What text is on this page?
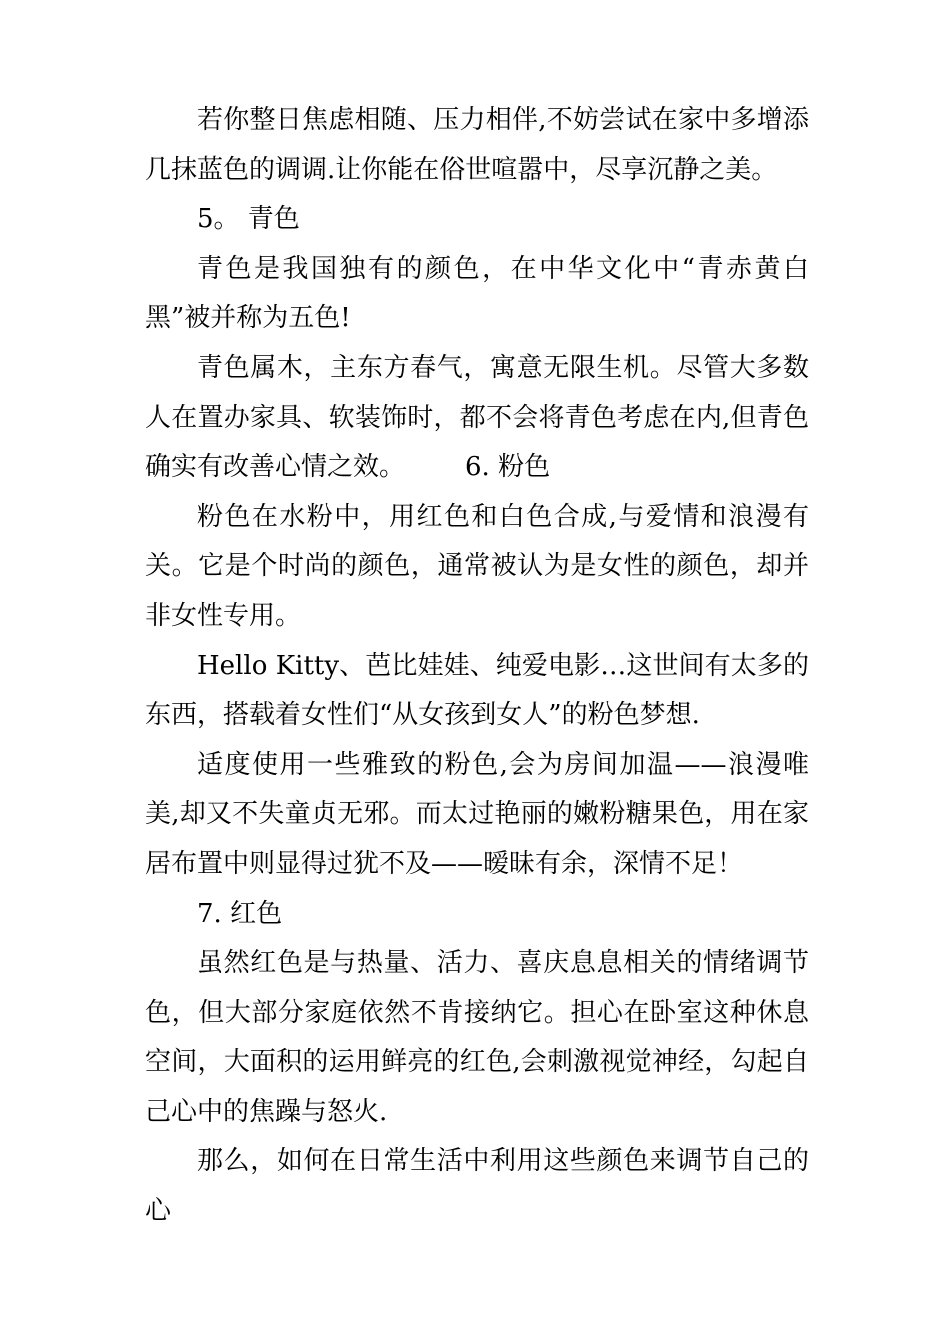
若你整日焦虑相随、压力相伴,不妨尝试在家中多增添几抹蓝色的调调.让你能在俗世喧嚣中，尽享沉静之美。

5。 青色

青色是我国独有的颜色，在中华文化中“青赤黄白黑”被并称为五色!

青色属木，主东方春气，寓意无限生机。尽管大多数人在置办家具、软装饰时，都不会将青色考虑在内,但青色确实有改善心情之效。 6. 粉色

粉色在水粉中，用红色和白色合成,与爱情和浪漫有关。它是个时尚的颜色，通常被认为是女性的颜色，却并非女性专用。

Hello Kitty、芭比娃娃、纯爱电影…这世间有太多的东西，搭载着女性们“从女孩到女人”的粉色梦想.

适度使用一些雅致的粉色,会为房间加温——浪漫唯美,却又不失童贞无邪。而太过艳丽的嫩粉糖果色，用在家居布置中则显得过犹不及——暧昧有余，深情不足！

7. 红色

虽然红色是与热量、活力、喜庆息息相关的情绪调节色，但大部分家庭依然不肯接纳它。担心在卧室这种休息空间，大面积的运用鲜亮的红色,会刺激视觉神经，勾起自己心中的焦躁与怒火.

那么，如何在日常生活中利用这些颜色来调节自己的心
